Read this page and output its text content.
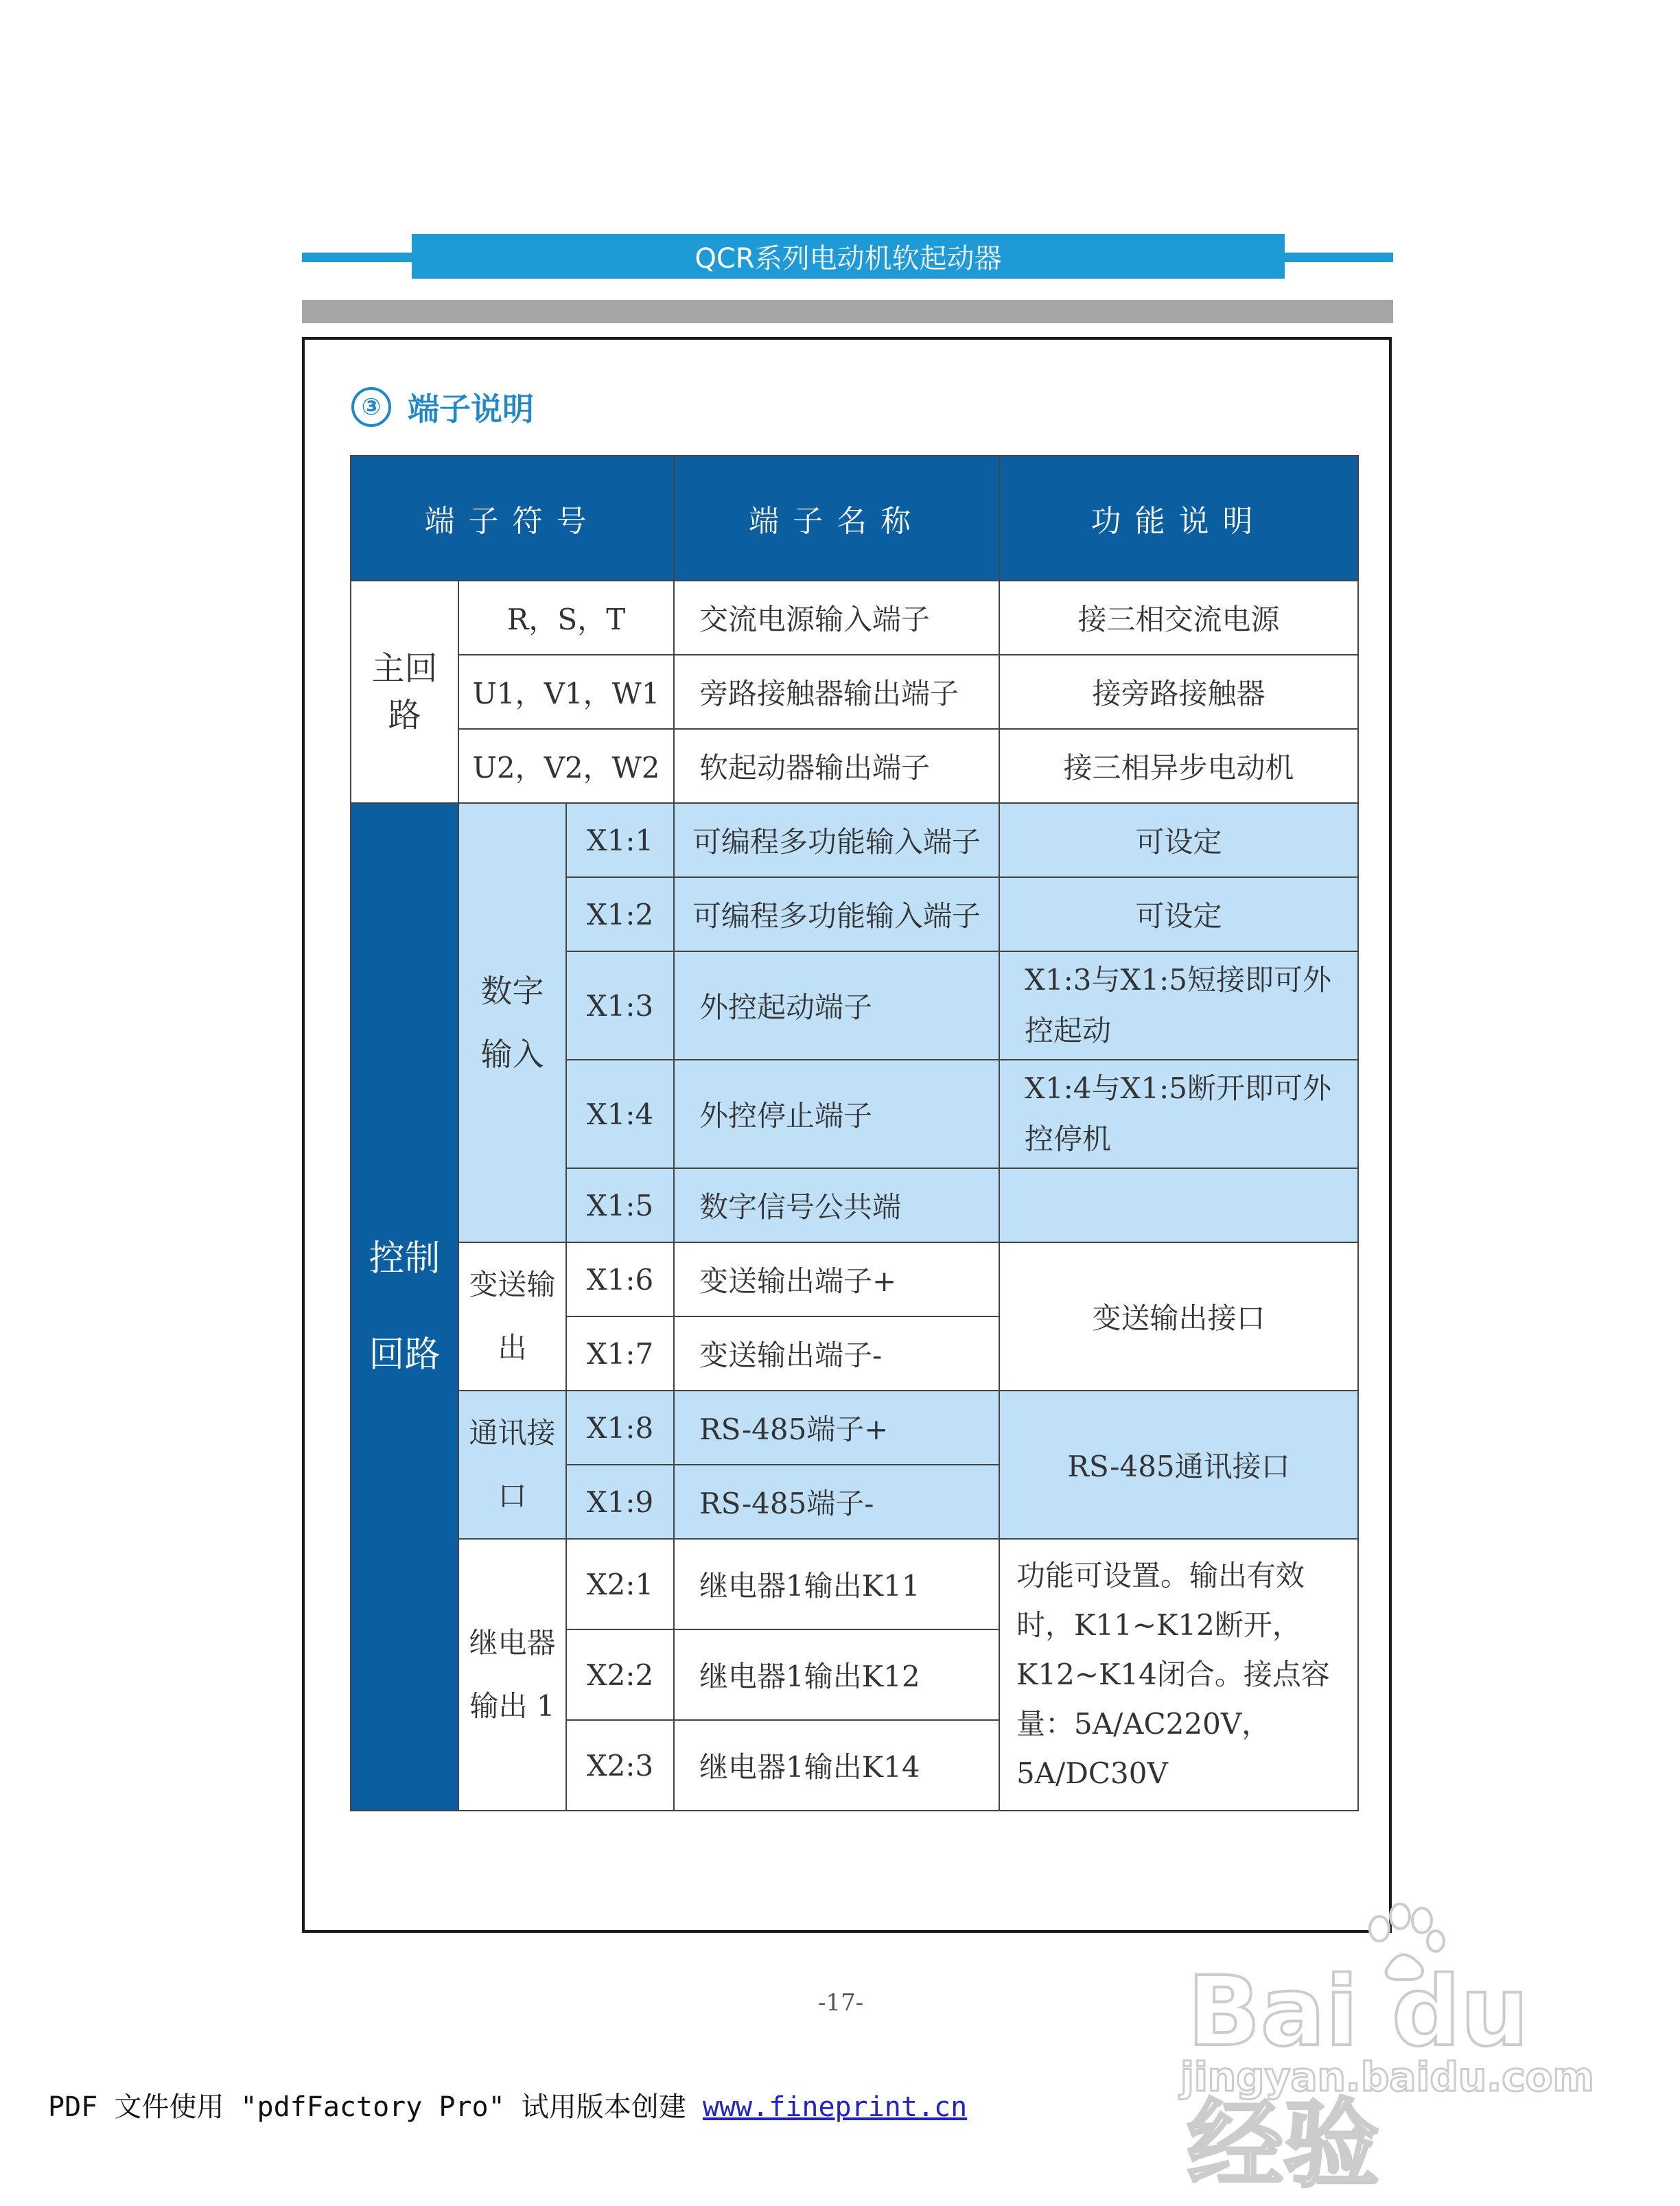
QCR系列电动机软起动器
③ 端子说明
端子符号			端子名称	功能说明
主回路	R，S，T		交流电源输入端子	接三相交流电源
	U1，V1，W1		旁路接触器输出端子	接旁路接触器
	U2，V2，W2		软起动器输出端子	接三相异步电动机
控制回路	数字输入	X1:1	可编程多功能输入端子	可设定
		X1:2	可编程多功能输入端子	可设定
		X1:3	外控起动端子	X1:3与X1:5短接即可外控起动
		X1:4	外控停止端子	X1:4与X1:5断开即可外控停机
		X1:5	数字信号公共端	
	变送输出	X1:6	变送输出端子+	变送输出接口
		X1:7	变送输出端子-	
	通讯接口	X1:8	RS-485端子+	RS-485通讯接口
		X1:9	RS-485端子-	
	继电器输出 1	X2:1	继电器1输出K11	功能可设置。输出有效时，K11~K12断开，K12~K14闭合。接点容量：5A/AC220V，5A/DC30V
		X2:2	继电器1输出K12	
		X2:3	继电器1输出K14	
-17-	Bai du 经验
jingyan.baidu.com
PDF 文件使用 "pdfFactory Pro" 试用版本创建 www.fineprint.cn
